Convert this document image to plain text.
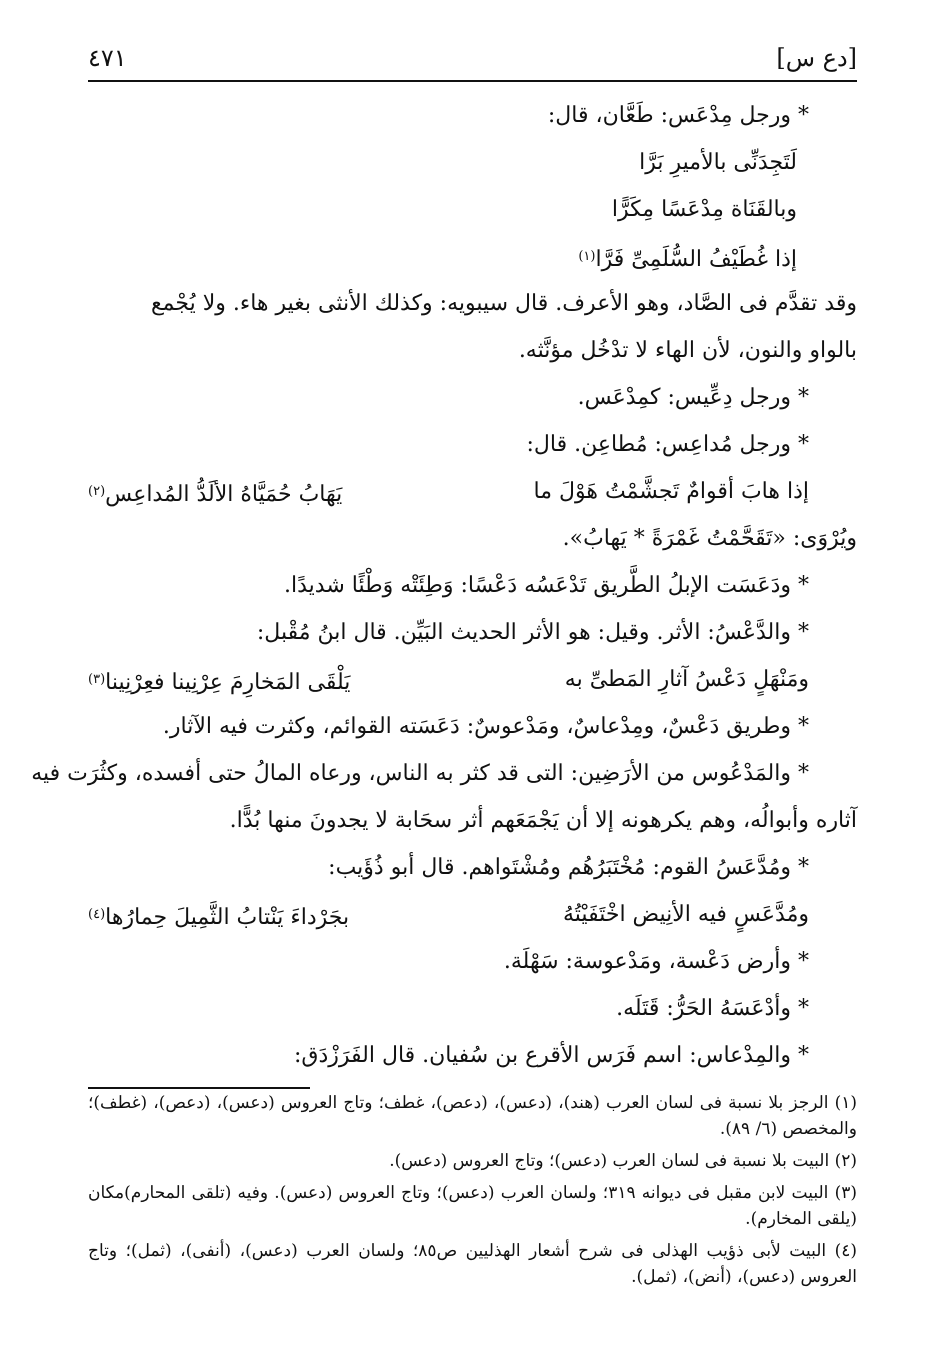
[دع س]
٤٧١
* ورجل مِدْعَس: طَعَّان، قال:
لَتَجِدَنِّى بالأميرِ بَرَّا
وبالقَنَاة مِدْعَسًا مِكَرًّا
إذا غُطَيْفُ السُّلَمِىِّ فَرَّا$^{(١)}$
وقد تقدَّم فى الصَّاد، وهو الأعرف. قال سيبويه: وكذلك الأنثى بغير هاء. ولا يُجْمع
بالواو والنون، لأن الهاء لا تدْخُل مؤنَّثه.
* ورجل دِعِّيس: كمِدْعَس.
* ورجل مُداعِس: مُطاعِن. قال:
إذا هابَ أقوامٌ تَجشَّمْتُ هَوْلَ ما
يَهَابُ حُمَيَّاهُ الألَدُّ المُداعِس$^{(٢)}$
ويُرْوَى: «تَقَحَّمْتُ غَمْرَةً * يَهابُ».
* ودَعَسَت الإبلُ الطَّريق تَدْعَسُه دَعْسًا: وَطِئَتْه وَطْئًا شديدًا.
* والدَّعْسُ: الأثر. وقيل: هو الأثر الحديث البَيِّن. قال ابنُ مُقْبل:
ومَنْهَلٍ دَعْسُ آثارِ المَطىِّ به
يَلْقَى المَخارِمَ عِرْنِينا فعِرْنِينا$^{(٣)}$
* وطريق دَعْسٌ، ومِدْعاسٌ، ومَدْعوسٌ: دَعَسَته القوائم، وكثرت فيه الآثار.
* والمَدْعُوس من الأرَضِين: التى قد كثر به الناس، ورعاه المالُ حتى أفسده، وكثُرَت فيه
آثاره وأبوالُه، وهم يكرهونه إلا أن يَجْمَعَهم أثر سحَابة لا يجدونَ منها بُدًّا.
* ومُدَّعَسُ القوم: مُخْتَبَرُهُم ومُشْتَواهم. قال أبو ذُؤَيب:
ومُدَّعَسٍ فيه الأنِيض اخْتَفَيْتُهُ
بجَرْداءَ يَنْتابُ الثَّمِيلَ حِمارُها$^{(٤)}$
* وأرض دَعْسة، ومَدْعوسة: سَهْلَة.
* وأدْعَسَهُ الحَرُّ: قَتَلَه.
* والمِدْعاس: اسم فَرَس الأقرع بن سُفيان. قال الفَرَزْدَق:
(١) الرجز بلا نسبة فى لسان العرب (هند)، (دعس)، (دعص)، غطف؛ وتاج العروس (دعس)، (دعص)، (غطف)؛ والمخصص (٦/ ٨٩).
(٢) البيت بلا نسبة فى لسان العرب (دعس)؛ وتاج العروس (دعس).
(٣) البيت لابن مقبل فى ديوانه ٣١٩؛ ولسان العرب (دعس)؛ وتاج العروس (دعس). وفيه (تلقى المحارم)مكان (يلقى المخارم).
(٤) البيت لأبى ذؤيب الهذلى فى شرح أشعار الهذليين ص٨٥؛ ولسان العرب (دعس)، (أنفى)، (ثمل)؛ وتاج العروس (دعس)، (أنض)، (ثمل).
